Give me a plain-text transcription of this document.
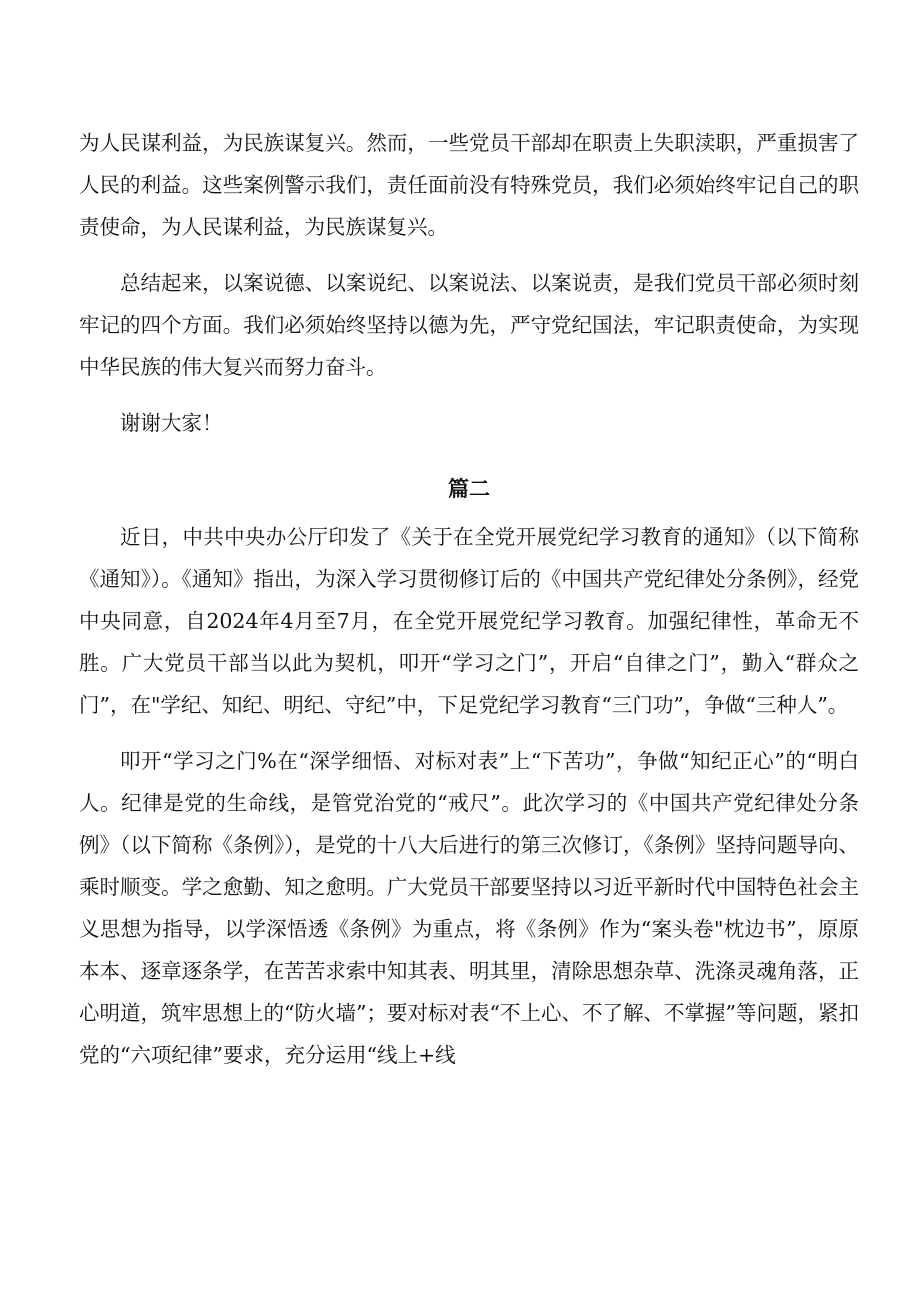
为人民谋利益，为民族谋复兴。然而，一些党员干部却在职责上失职渎职，严重损害了人民的利益。这些案例警示我们，责任面前没有特殊党员，我们必须始终牢记自己的职责使命，为人民谋利益，为民族谋复兴。

总结起来，以案说德、以案说纪、以案说法、以案说责，是我们党员干部必须时刻牢记的四个方面。我们必须始终坚持以德为先，严守党纪国法，牢记职责使命，为实现中华民族的伟大复兴而努力奋斗。

谢谢大家！

篇二

近日，中共中央办公厅印发了《关于在全党开展党纪学习教育的通知》（以下简称《通知》）。《通知》指出，为深入学习贯彻修订后的《中国共产党纪律处分条例》，经党中央同意，自2024年4月至7月，在全党开展党纪学习教育。加强纪律性，革命无不胜。广大党员干部当以此为契机，叩开“学习之门”，开启“自律之门”，勤入“群众之门”，在"学纪、知纪、明纪、守纪”中，下足党纪学习教育“三门功”，争做“三种人”。

叩开“学习之门%在“深学细悟、对标对表”上“下苦功”，争做“知纪正心”的“明白人。纪律是党的生命线，是管党治党的“戒尺”。此次学习的《中国共产党纪律处分条例》（以下简称《条例》），是党的十八大后进行的第三次修订，《条例》坚持问题导向、乘时顺变。学之愈勤、知之愈明。广大党员干部要坚持以习近平新时代中国特色社会主义思想为指导，以学深悟透《条例》为重点，将《条例》作为“案头卷"枕边书”，原原本本、逐章逐条学，在苦苦求索中知其表、明其里，清除思想杂草、洗涤灵魂角落，正心明道，筑牢思想上的“防火墙”；要对标对表“不上心、不了解、不掌握”等问题，紧扣党的“六项纪律”要求，充分运用“线上+线
